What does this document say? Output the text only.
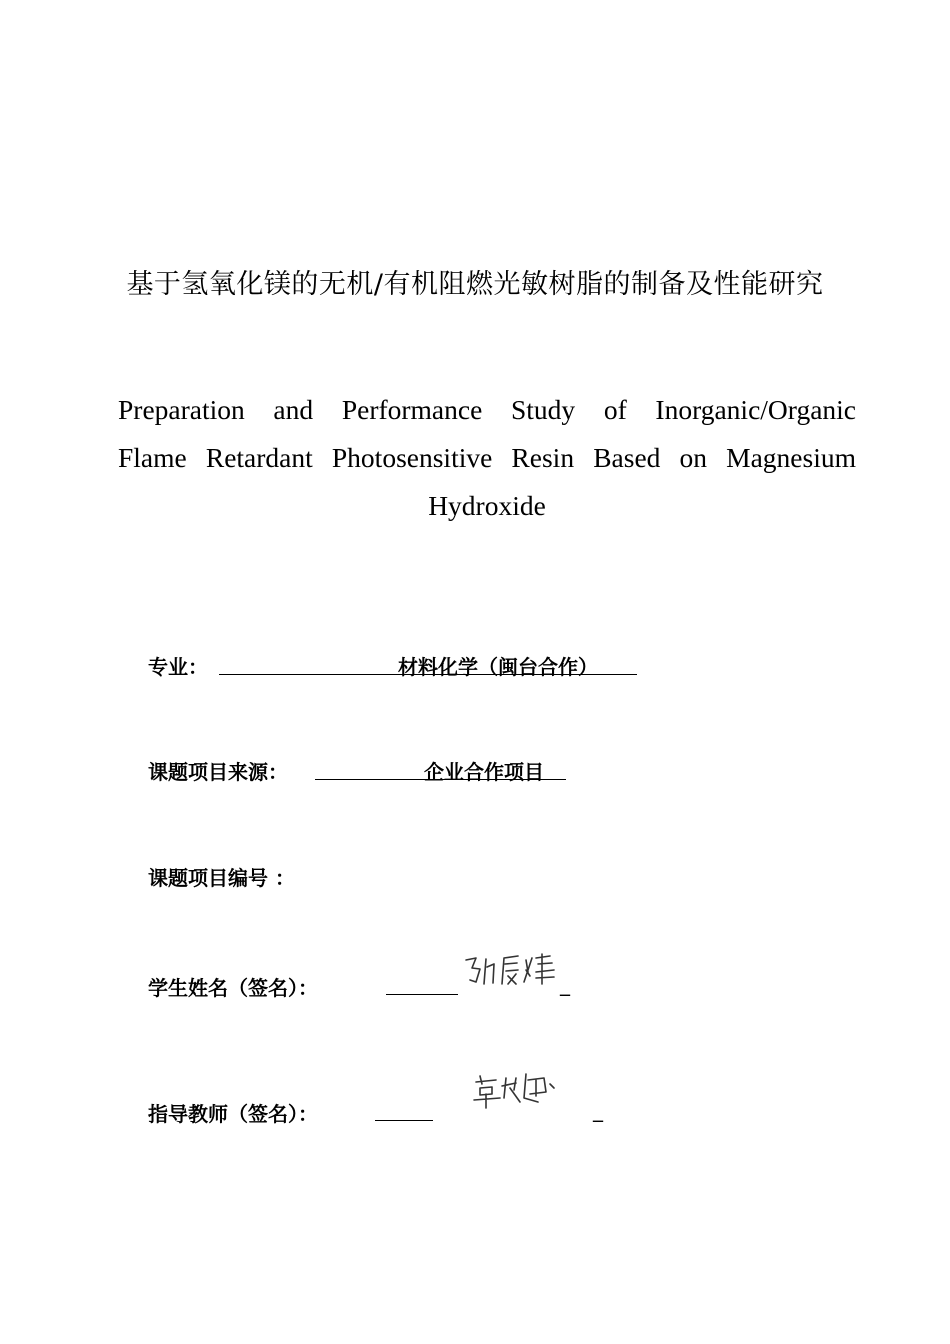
基于氢氧化镁的无机/有机阻燃光敏树脂的制备及性能研究
Preparation and Performance Study of Inorganic/Organic
Flame Retardant Photosensitive Resin Based on Magnesium
Hydroxide
专业：	材料化学（闽台合作）
课题项目来源：	企业合作项目
课题项目编号 ：
学生姓名（签名）：	_
指导教师（签名）：	_
